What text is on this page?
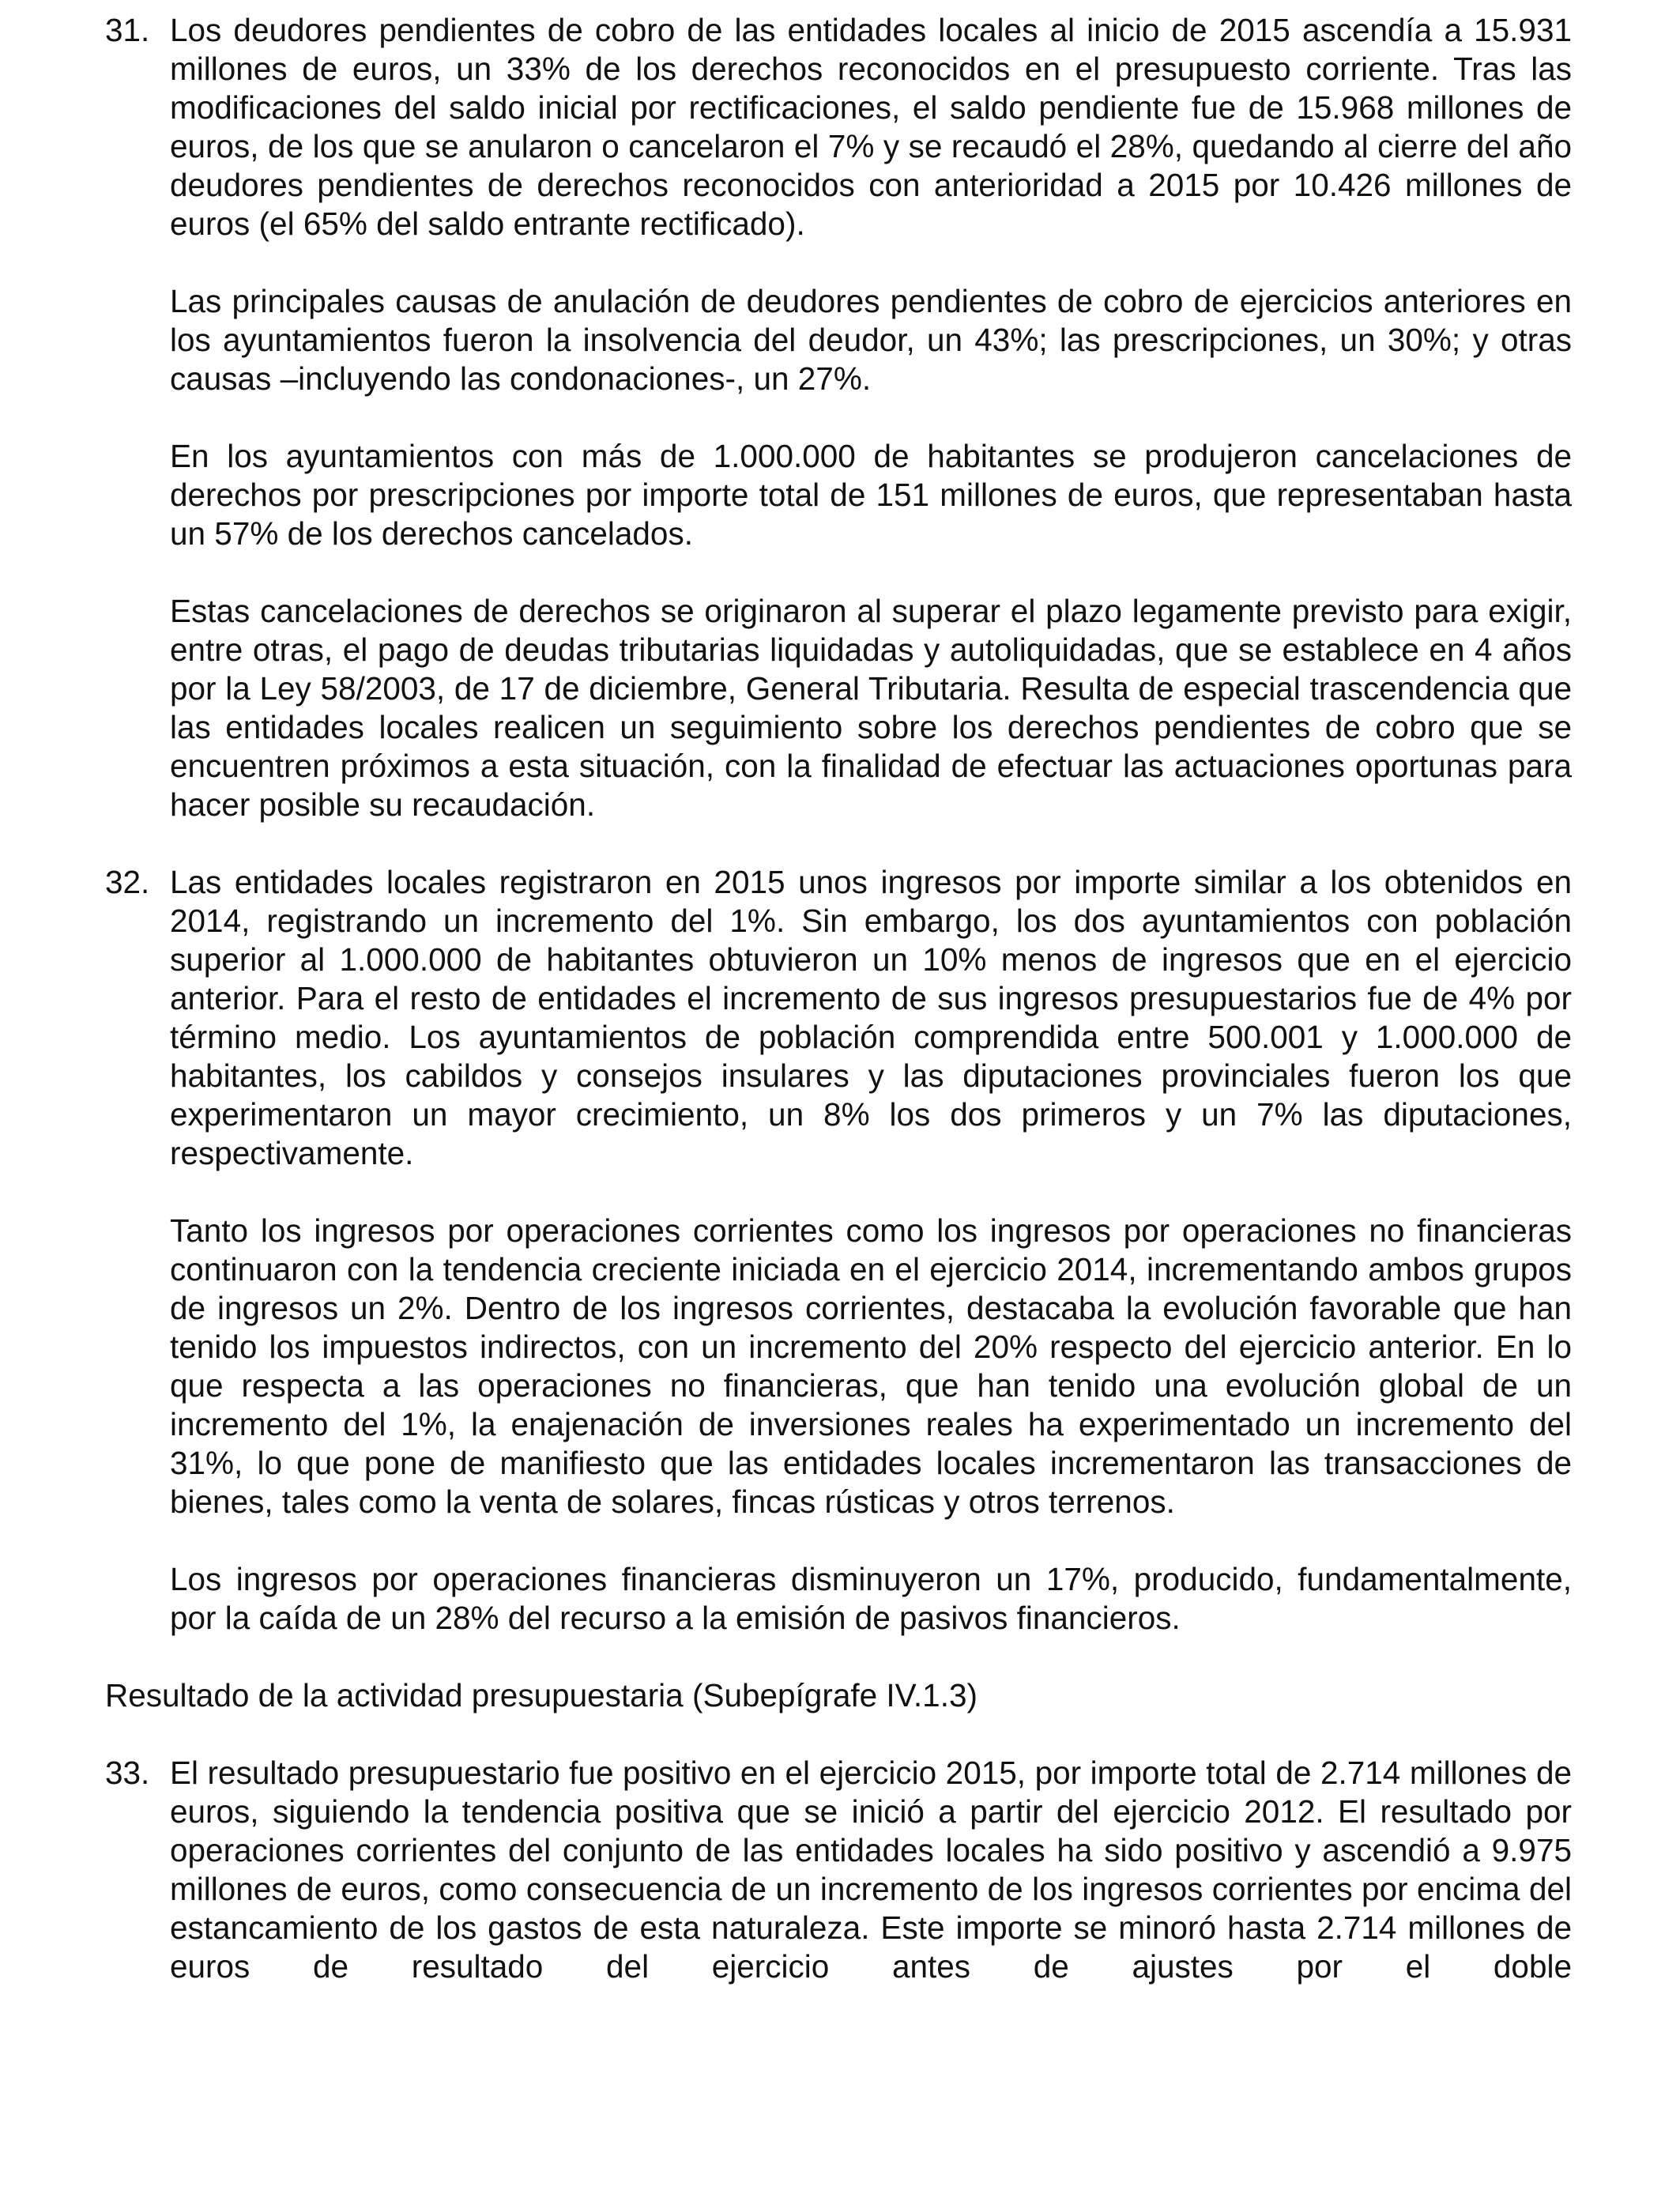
31. Los deudores pendientes de cobro de las entidades locales al inicio de 2015 ascendía a 15.931 millones de euros, un 33% de los derechos reconocidos en el presupuesto corriente. Tras las modificaciones del saldo inicial por rectificaciones, el saldo pendiente fue de 15.968 millones de euros, de los que se anularon o cancelaron el 7% y se recaudó el 28%, quedando al cierre del año deudores pendientes de derechos reconocidos con anterioridad a 2015 por 10.426 millones de euros (el 65% del saldo entrante rectificado).

Las principales causas de anulación de deudores pendientes de cobro de ejercicios anteriores en los ayuntamientos fueron la insolvencia del deudor, un 43%; las prescripciones, un 30%; y otras causas –incluyendo las condonaciones-, un 27%.

En los ayuntamientos con más de 1.000.000 de habitantes se produjeron cancelaciones de derechos por prescripciones por importe total de 151 millones de euros, que representaban hasta un 57% de los derechos cancelados.

Estas cancelaciones de derechos se originaron al superar el plazo legamente previsto para exigir, entre otras, el pago de deudas tributarias liquidadas y autoliquidadas, que se establece en 4 años por la Ley 58/2003, de 17 de diciembre, General Tributaria. Resulta de especial trascendencia que las entidades locales realicen un seguimiento sobre los derechos pendientes de cobro que se encuentren próximos a esta situación, con la finalidad de efectuar las actuaciones oportunas para hacer posible su recaudación.

32. Las entidades locales registraron en 2015 unos ingresos por importe similar a los obtenidos en 2014, registrando un incremento del 1%. Sin embargo, los dos ayuntamientos con población superior al 1.000.000 de habitantes obtuvieron un 10% menos de ingresos que en el ejercicio anterior. Para el resto de entidades el incremento de sus ingresos presupuestarios fue de 4% por término medio. Los ayuntamientos de población comprendida entre 500.001 y 1.000.000 de habitantes, los cabildos y consejos insulares y las diputaciones provinciales fueron los que experimentaron un mayor crecimiento, un 8% los dos primeros y un 7% las diputaciones, respectivamente.

Tanto los ingresos por operaciones corrientes como los ingresos por operaciones no financieras continuaron con la tendencia creciente iniciada en el ejercicio 2014, incrementando ambos grupos de ingresos un 2%. Dentro de los ingresos corrientes, destacaba la evolución favorable que han tenido los impuestos indirectos, con un incremento del 20% respecto del ejercicio anterior. En lo que respecta a las operaciones no financieras, que han tenido una evolución global de un incremento del 1%, la enajenación de inversiones reales ha experimentado un incremento del 31%, lo que pone de manifiesto que las entidades locales incrementaron las transacciones de bienes, tales como la venta de solares, fincas rústicas y otros terrenos.

Los ingresos por operaciones financieras disminuyeron un 17%, producido, fundamentalmente, por la caída de un 28% del recurso a la emisión de pasivos financieros.

Resultado de la actividad presupuestaria (Subepígrafe IV.1.3)
33. El resultado presupuestario fue positivo en el ejercicio 2015, por importe total de 2.714 millones de euros, siguiendo la tendencia positiva que se inició a partir del ejercicio 2012. El resultado por operaciones corrientes del conjunto de las entidades locales ha sido positivo y ascendió a 9.975 millones de euros, como consecuencia de un incremento de los ingresos corrientes por encima del estancamiento de los gastos de esta naturaleza. Este importe se minoró hasta 2.714 millones de euros de resultado del ejercicio antes de ajustes por el doble
